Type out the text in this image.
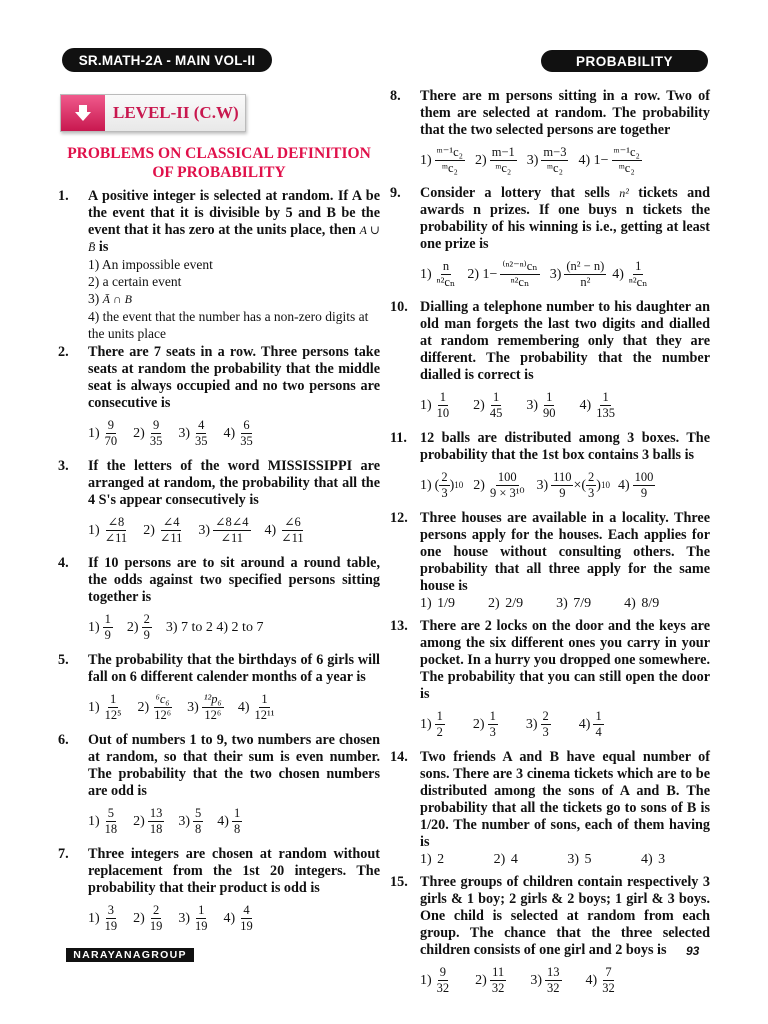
SR.MATH-2A - MAIN VOL-II	PROBABILITY
LEVEL-II (C.W)
PROBLEMS ON CLASSICAL DEFINITION
OF PROBABILITY
1.	A positive integer is selected at random. If A be the event that it is divisible by 5 and B be the event that it has zero at the units place, then A ∪ B̄ is
1) An impossible event
2) a certain event
3) Ā ∩ B
4) the event that the number has a non-zero digits at the units place
2.	There are 7 seats in a row. Three persons take seats at random the probability that the middle seat is always occupied and no two persons are consecutive is
$1) \frac{9}{70} 2) \frac{9}{35} 3) \frac{4}{35} 4) \frac{6}{35}$
3.	If the letters of the word MISSISSIPPI are arranged at random, the probability that all the 4 S's appear consecutively is
$1) \frac{\angle 8}{\angle 11} 2) \frac{\angle 4}{\angle 11} 3) \frac{\angle 8\angle 4}{\angle 11} 4) \frac{\angle 6}{\angle 11}$
4.	If 10 persons are to sit around a round table, the odds against two specified persons sitting together is
$1) \frac{1}{9} 2) \frac{2}{9} 3$) 7 to 2 4) 2 to 7
5.	The probability that the birthdays of 6 girls will fall on 6 different calender months of a year is
$1) \frac{1}{\text{12⁵}} 2) \frac{\text{⁶c₆}}{\text{12⁶}} 3) \frac{\text{¹²p₆}}{\text{12⁶}} 4) \frac{1}{\text{12¹¹}}$
6.	Out of numbers 1 to 9, two numbers are chosen at random, so that their sum is even number. The probability that the two chosen numbers are odd is
$1) \frac{5}{18} 2) \frac{13}{18} 3) \frac{5}{8} 4) \frac{1}{8}$
7.	Three integers are chosen at random without replacement from the 1st 20 integers. The probability that their product is odd is
$1) \frac{3}{19} 2) \frac{2}{19} 3) \frac{1}{19} 4) \frac{4}{19}$
8.	There are m persons sitting in a row. Two of them are selected at random. The probability that the two selected persons are together
$1) \frac{\text{ᵐ⁻¹c₂}}{\text{ᵐc₂}} 2) \frac{m-1}{\text{ᵐc₂}} 3) \frac{m-3}{\text{ᵐc₂}} 4$) $1- \frac{\text{ᵐ⁻¹c₂}}{\text{ᵐc₂}}$
9.	Consider a lottery that sells n² tickets and awards n prizes. If one buys n tickets the probability of his winning is i.e., getting at least one prize is
$1) \frac{n}{\text{ⁿ²cₙ}} 2$) $1- \frac{\text{⁽ⁿ²⁻ⁿ⁾cₙ}}{\text{ⁿ²cₙ}} 3) \frac{\text{(n² − n)}}{\text{n²}} 4) \frac{1}{\text{ⁿ²cₙ}}$
10. Dialling a telephone number to his daughter an old man forgets the last two digits and dialled at random remembering only that they are different. The probability that the number dialled is correct is
$1) \frac{1}{10} 2) \frac{1}{45} 3) \frac{1}{90} 4) \frac{1}{135}$
11. 12 balls are distributed among 3 boxes. The probability that the 1st box contains 3 balls is
1) ( $\frac{2}{3}$ ) 10 $2) \frac{100}{\text{9 × 3¹⁰}} 3) \frac{110}{9}$ × ( $\frac{2}{3}$ ) 10 $4) \frac{100}{9}$
12. Three houses are available in a locality. Three persons apply for the houses. Each applies for one house without consulting others. The probability that all three apply for the same house is
1) 1/9      2) 2/9      3) 7/9      4) 8/9
13. There are 2 locks on the door and the keys are among the six different ones you carry in your pocket. In a hurry you dropped one somewhere. The probability that you can still open the door is
$1) \frac{1}{2} 2) \frac{1}{3} 3) \frac{2}{3} 4) \frac{1}{4}$
14. Two friends A and B have equal number of sons. There are 3 cinema tickets which are to be distributed among the sons of A and B. The probability that all the tickets go to sons of B is 1/20. The number of sons, each of them having is
1) 2         2) 4         3) 5         4) 3
15. Three groups of children contain respectively 3 girls & 1 boy; 2 girls & 2 boys; 1 girl & 3 boys. One child is selected at random from each group. The chance that the three selected children consists of one girl and 2 boys is
$1) \frac{9}{32} 2) \frac{11}{32} 3) \frac{13}{32} 4) \frac{7}{32}$
NARAYANAGROUP	93
